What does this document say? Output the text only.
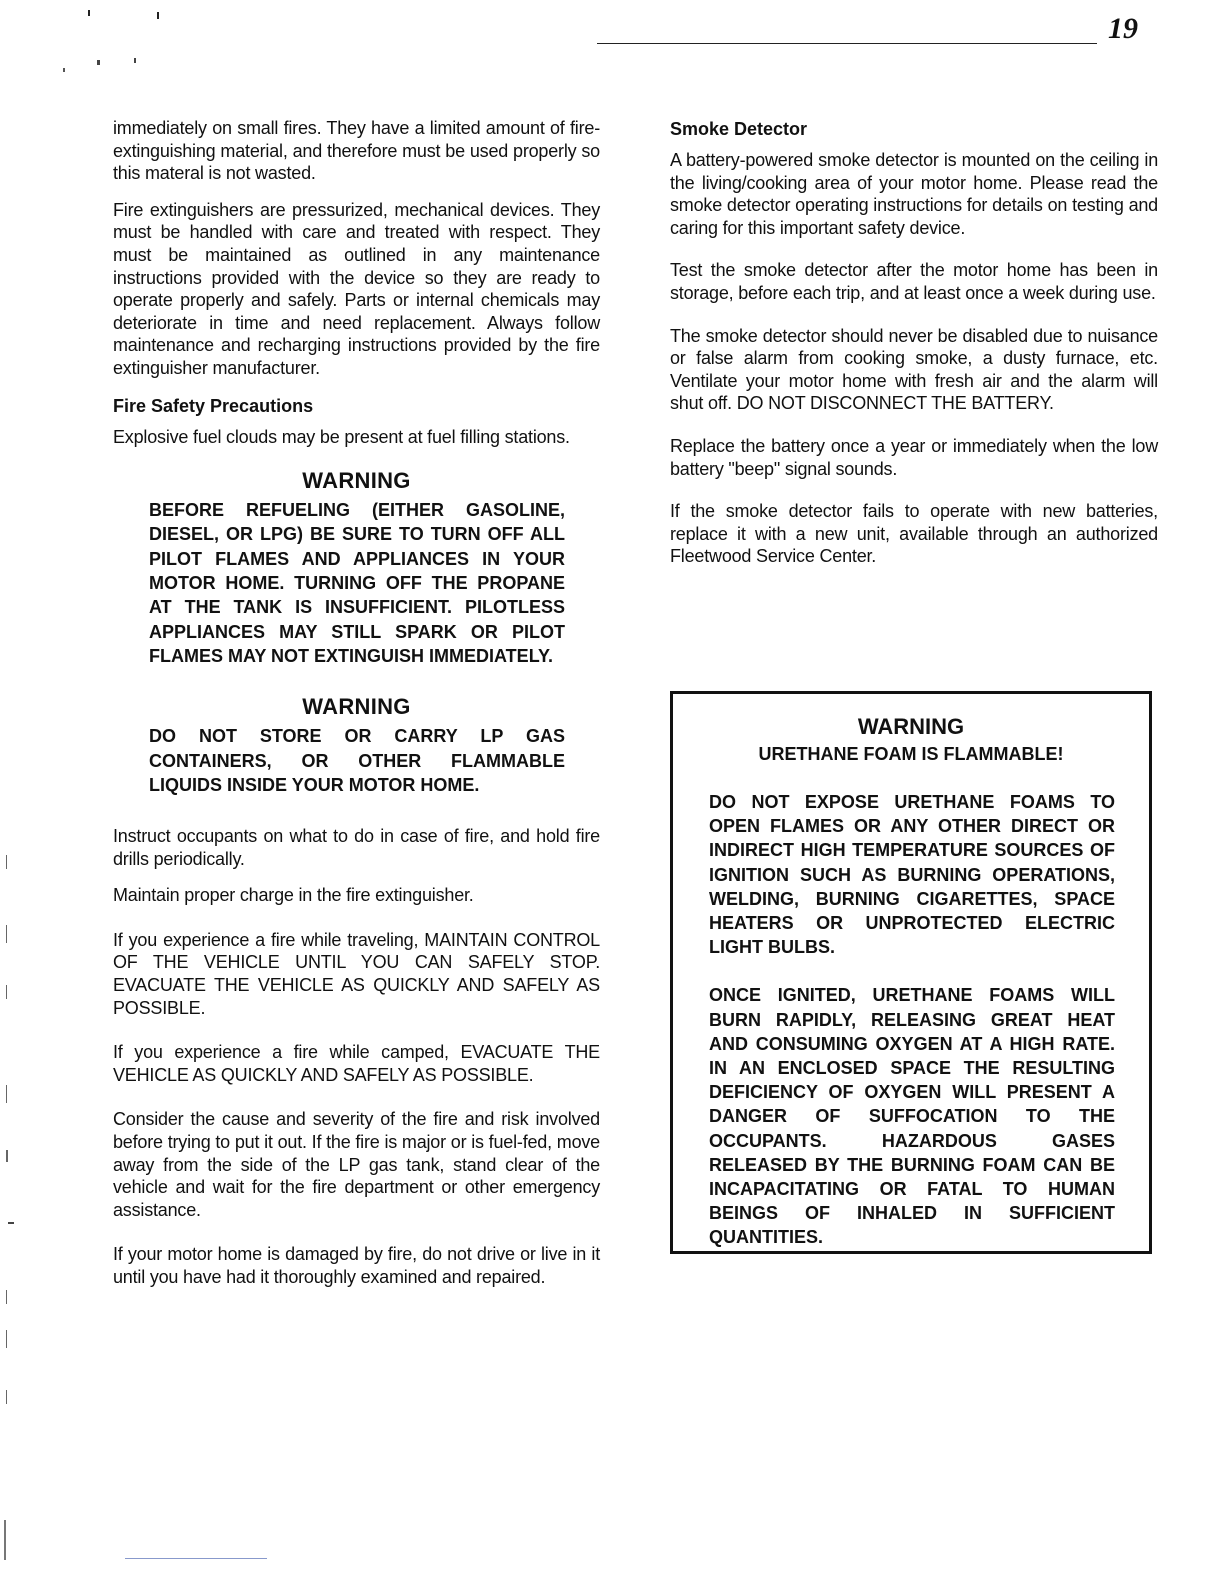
19

immediately on small fires. They have a limited amount of fire-extinguishing material, and therefore must be used properly so this materal is not wasted.

Fire extinguishers are pressurized, mechanical devices. They must be handled with care and treated with respect. They must be maintained as outlined in any maintenance instructions provided with the device so they are ready to operate properly and safely. Parts or internal chemicals may deteriorate in time and need replacement. Always follow maintenance and recharging instructions provided by the fire extinguisher manufacturer.

Fire Safety Precautions

Explosive fuel clouds may be present at fuel filling stations.

WARNING
BEFORE REFUELING (EITHER GASOLINE, DIESEL, OR LPG) BE SURE TO TURN OFF ALL PILOT FLAMES AND APPLIANCES IN YOUR MOTOR HOME. TURNING OFF THE PROPANE AT THE TANK IS INSUFFICIENT. PILOTLESS APPLIANCES MAY STILL SPARK OR PILOT FLAMES MAY NOT EXTINGUISH IMMEDIATELY.
WARNING
DO NOT STORE OR CARRY LP GAS CONTAINERS, OR OTHER FLAMMABLE LIQUIDS INSIDE YOUR MOTOR HOME.

Instruct occupants on what to do in case of fire, and hold fire drills periodically.

Maintain proper charge in the fire extinguisher.

If you experience a fire while traveling, MAINTAIN CONTROL OF THE VEHICLE UNTIL YOU CAN SAFELY STOP. EVACUATE THE VEHICLE AS QUICKLY AND SAFELY AS POSSIBLE.

If you experience a fire while camped, EVACUATE THE VEHICLE AS QUICKLY AND SAFELY AS POSSIBLE.

Consider the cause and severity of the fire and risk involved before trying to put it out. If the fire is major or is fuel-fed, move away from the side of the LP gas tank, stand clear of the vehicle and wait for the fire department or other emergency assistance.

If your motor home is damaged by fire, do not drive or live in it until you have had it thoroughly examined and repaired.

Smoke Detector

A battery-powered smoke detector is mounted on the ceiling in the living/cooking area of your motor home. Please read the smoke detector operating instructions for details on testing and caring for this important safety device.

Test the smoke detector after the motor home has been in storage, before each trip, and at least once a week during use.

The smoke detector should never be disabled due to nuisance or false alarm from cooking smoke, a dusty furnace, etc. Ventilate your motor home with fresh air and the alarm will shut off. DO NOT DISCONNECT THE BATTERY.

Replace the battery once a year or immediately when the low battery "beep" signal sounds.

If the smoke detector fails to operate with new batteries, replace it with a new unit, available through an authorized Fleetwood Service Center.

WARNING
URETHANE FOAM IS FLAMMABLE!
DO NOT EXPOSE URETHANE FOAMS TO OPEN FLAMES OR ANY OTHER DIRECT OR INDIRECT HIGH TEMPERATURE SOURCES OF IGNITION SUCH AS BURNING OPERATIONS, WELDING, BURNING CIGARETTES, SPACE HEATERS OR UNPROTECTED ELECTRIC LIGHT BULBS.
ONCE IGNITED, URETHANE FOAMS WILL BURN RAPIDLY, RELEASING GREAT HEAT AND CONSUMING OXYGEN AT A HIGH RATE. IN AN ENCLOSED SPACE THE RESULTING DEFICIENCY OF OXYGEN WILL PRESENT A DANGER OF SUFFOCATION TO THE OCCUPANTS. HAZARDOUS GASES RELEASED BY THE BURNING FOAM CAN BE INCAPACITATING OR FATAL TO HUMAN BEINGS OF INHALED IN SUFFICIENT QUANTITIES.
